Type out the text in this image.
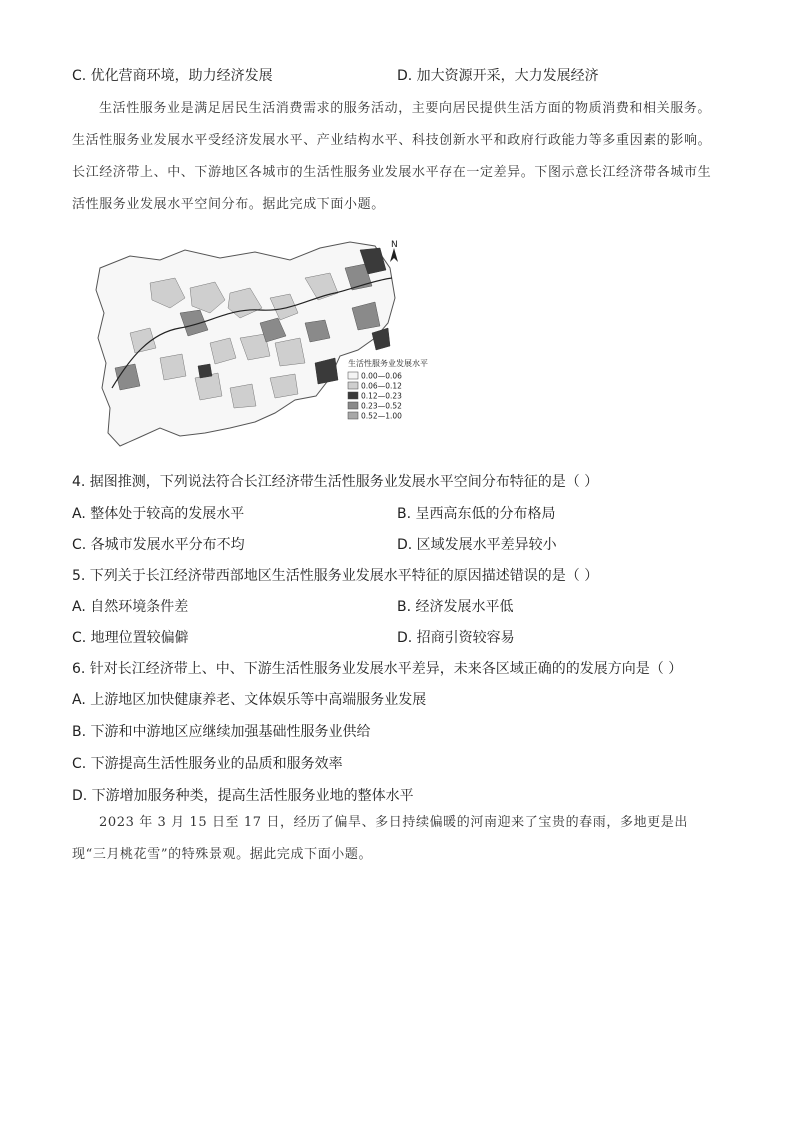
C. 优化营商环境，助力经济发展	D. 加大资源开采，大力发展经济
生活性服务业是满足居民生活消费需求的服务活动，主要向居民提供生活方面的物质消费和相关服务。生活性服务业发展水平受经济发展水平、产业结构水平、科技创新水平和政府行政能力等多重因素的影响。长江经济带上、中、下游地区各城市的生活性服务业发展水平存在一定差异。下图示意长江经济带各城市生活性服务业发展水平空间分布。据此完成下面小题。
N
生活性服务业发展水平
0.00—0.06
0.06—0.12
0.12—0.23
0.23—0.52
0.52—1.00
4. 据图推测，下列说法符合长江经济带生活性服务业发展水平空间分布特征的是（ ）
A. 整体处于较高的发展水平	B. 呈西高东低的分布格局
C. 各城市发展水平分布不均	D. 区域发展水平差异较小
5. 下列关于长江经济带西部地区生活性服务业发展水平特征的原因描述错误的是（ ）
A. 自然环境条件差	B. 经济发展水平低
C. 地理位置较偏僻	D. 招商引资较容易
6. 针对长江经济带上、中、下游生活性服务业发展水平差异，未来各区域正确的的发展方向是（ ）
A. 上游地区加快健康养老、文体娱乐等中高端服务业发展
B. 下游和中游地区应继续加强基础性服务业供给
C. 下游提高生活性服务业的品质和服务效率
D. 下游增加服务种类，提高生活性服务业地的整体水平
2023 年 3 月 15 日至 17 日，经历了偏旱、多日持续偏暖的河南迎来了宝贵的春雨，多地更是出现“三月桃花雪”的特殊景观。据此完成下面小题。
